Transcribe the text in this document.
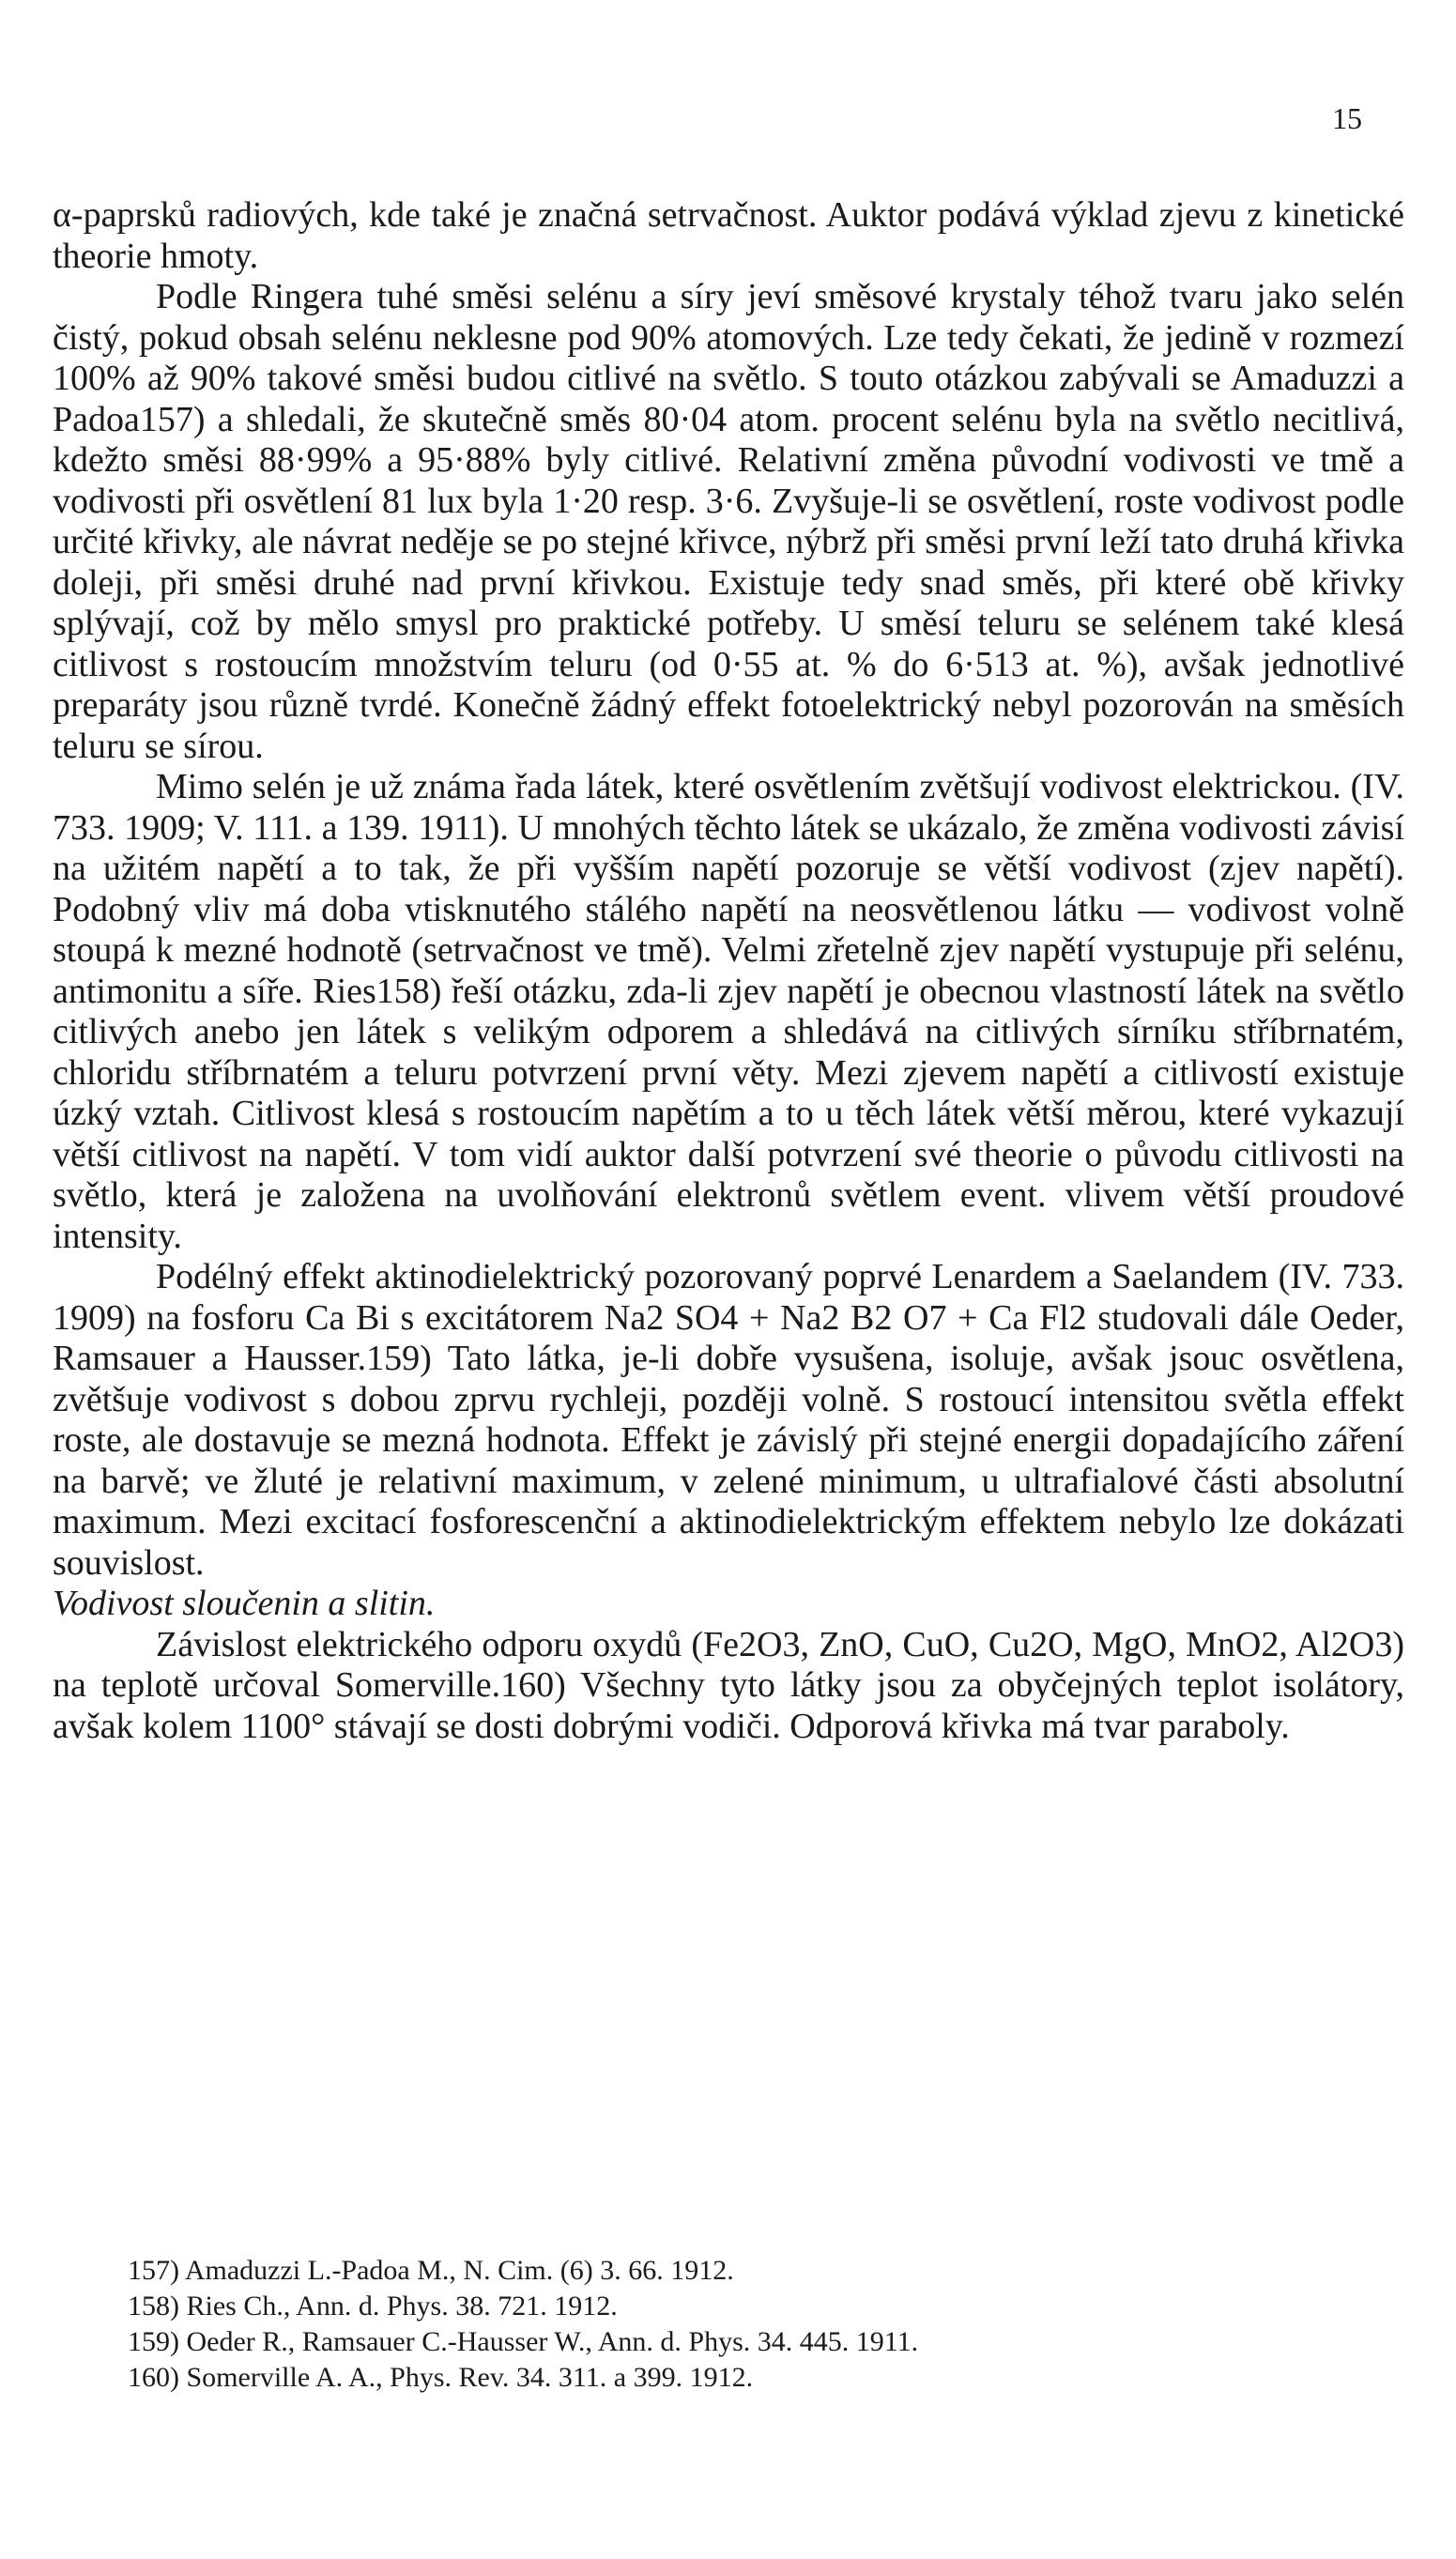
15

α-paprsků radiových, kde také je značná setrvačnost. Auktor podává výklad zjevu z kinetické theorie hmoty.

Podle Ringera tuhé směsi selénu a síry jeví směsové krystaly téhož tvaru jako selén čistý, pokud obsah selénu neklesne pod 90% atomových. Lze tedy čekati, že jedině v rozmezí 100% až 90% takové směsi budou citlivé na světlo. S touto otázkou zabývali se Amaduzzi a Padoa157) a shledali, že skutečně směs 80·04 atom. procent selénu byla na světlo necitlivá, kdežto směsi 88·99% a 95·88% byly citlivé. Relativní změna původní vodivosti ve tmě a vodivosti při osvětlení 81 lux byla 1·20 resp. 3·6. Zvyšuje-li se osvětlení, roste vodivost podle určité křivky, ale návrat neděje se po stejné křivce, nýbrž při směsi první leží tato druhá křivka doleji, při směsi druhé nad první křivkou. Existuje tedy snad směs, při které obě křivky splývají, což by mělo smysl pro praktické potřeby. U směsí teluru se selénem také klesá citlivost s rostoucím množstvím teluru (od 0·55 at. % do 6·513 at. %), avšak jednotlivé preparáty jsou různě tvrdé. Konečně žádný effekt fotoelektrický nebyl pozorován na směsích teluru se sírou.

Mimo selén je už známa řada látek, které osvětlením zvětšují vodivost elektrickou. (IV. 733. 1909; V. 111. a 139. 1911). U mnohých těchto látek se ukázalo, že změna vodivosti závisí na užitém napětí a to tak, že při vyšším napětí pozoruje se větší vodivost (zjev napětí). Podobný vliv má doba vtisknutého stálého napětí na neosvětlenou látku — vodivost volně stoupá k mezné hodnotě (setrvačnost ve tmě). Velmi zřetelně zjev napětí vystupuje při selénu, antimonitu a síře. Ries158) řeší otázku, zda-li zjev napětí je obecnou vlastností látek na světlo citlivých anebo jen látek s velikým odporem a shledává na citlivých sírníku stříbrnatém, chloridu stříbrnatém a teluru potvrzení první věty. Mezi zjevem napětí a citlivostí existuje úzký vztah. Citlivost klesá s rostoucím napětím a to u těch látek větší měrou, které vykazují větší citlivost na napětí. V tom vidí auktor další potvrzení své theorie o původu citlivosti na světlo, která je založena na uvolňování elektronů světlem event. vlivem větší proudové intensity.

Podélný effekt aktinodielektrický pozorovaný poprvé Lenardem a Saelandem (IV. 733. 1909) na fosforu Ca Bi s excitátorem Na2 SO4 + Na2 B2 O7 + Ca Fl2 studovali dále Oeder, Ramsauer a Hausser.159) Tato látka, je-li dobře vysušena, isoluje, avšak jsouc osvětlena, zvětšuje vodivost s dobou zprvu rychleji, později volně. S rostoucí intensitou světla effekt roste, ale dostavuje se mezná hodnota. Effekt je závislý při stejné energii dopadajícího záření na barvě; ve žluté je relativní maximum, v zelené minimum, u ultrafialové části absolutní maximum. Mezi excitací fosforescenční a aktinodielektrickým effektem nebylo lze dokázati souvislost.

Vodivost sloučenin a slitin.

Závislost elektrického odporu oxydů (Fe2O3, ZnO, CuO, Cu2O, MgO, MnO2, Al2O3) na teplotě určoval Somerville.160) Všechny tyto látky jsou za obyčejných teplot isolátory, avšak kolem 1100° stávají se dosti dobrými vodiči. Odporová křivka má tvar paraboly.

157) Amaduzzi L.-Padoa M., N. Cim. (6) 3. 66. 1912.

158) Ries Ch., Ann. d. Phys. 38. 721. 1912.

159) Oeder R., Ramsauer C.-Hausser W., Ann. d. Phys. 34. 445. 1911.

160) Somerville A. A., Phys. Rev. 34. 311. a 399. 1912.
